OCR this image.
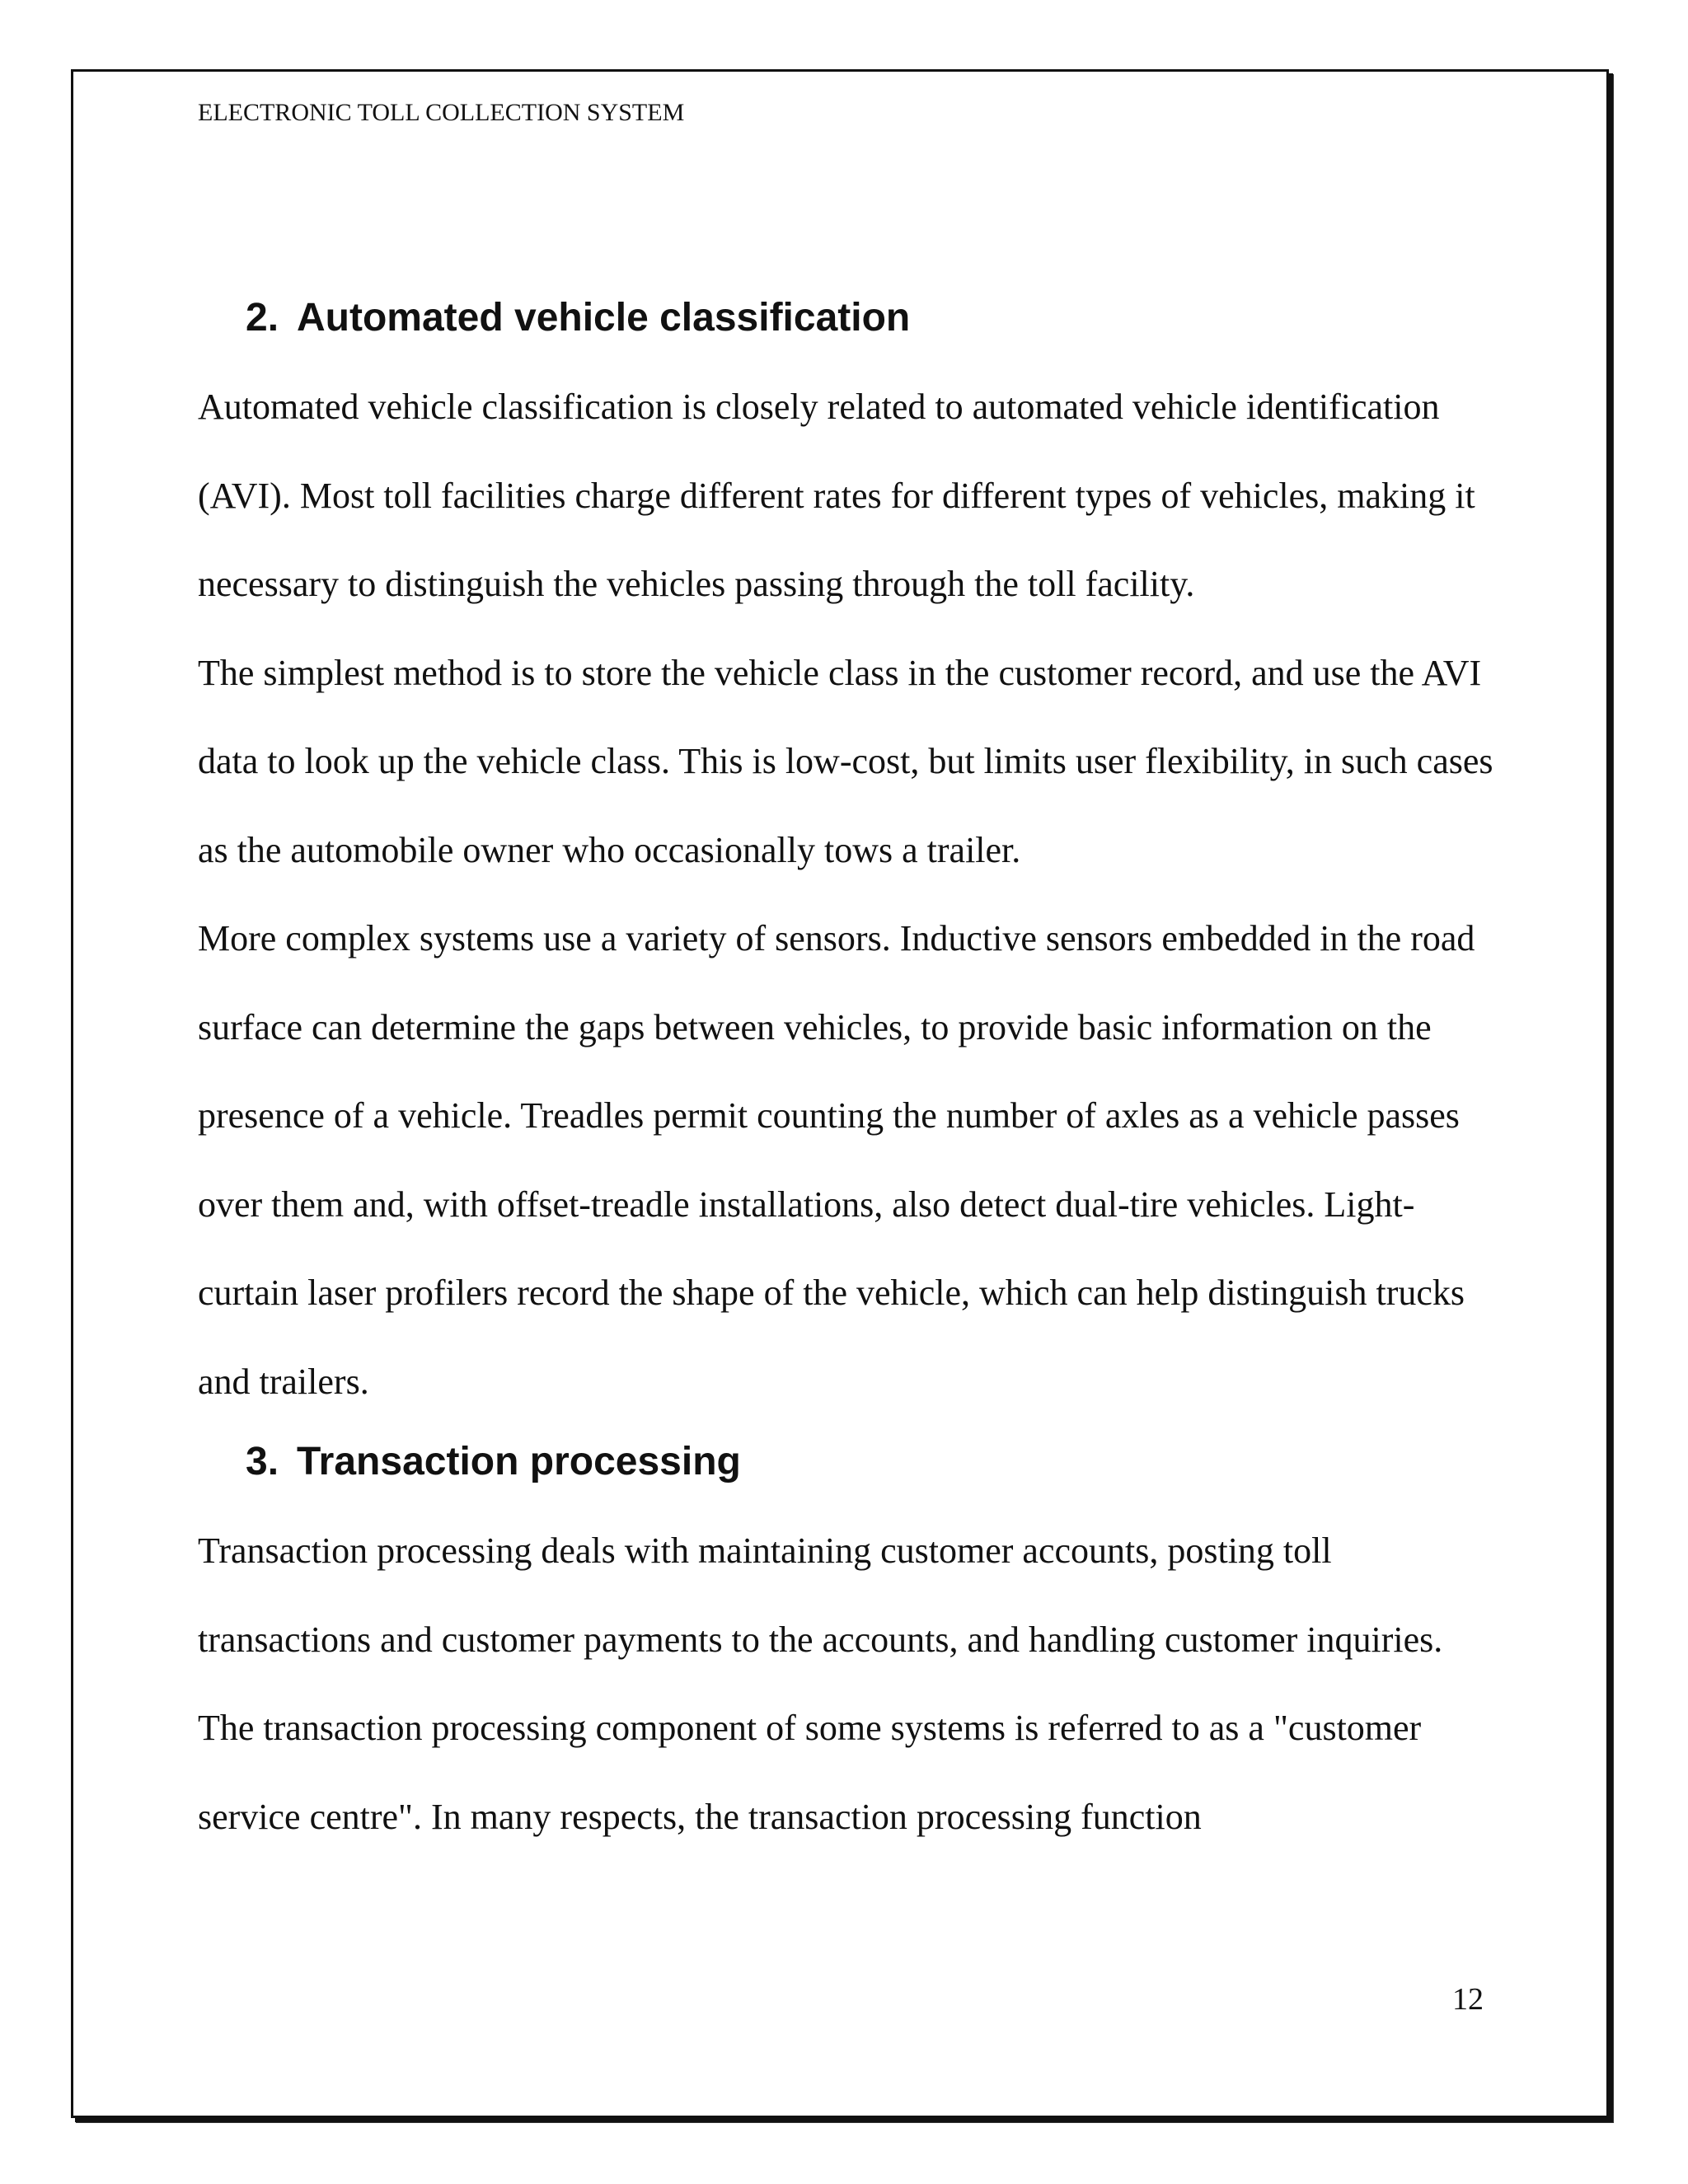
ELECTRONIC TOLL COLLECTION SYSTEM
2. Automated vehicle classification

Automated vehicle classification is closely related to automated vehicle identification (AVI). Most toll facilities charge different rates for different types of vehicles, making it necessary to distinguish the vehicles passing through the toll facility.

The simplest method is to store the vehicle class in the customer record, and use the AVI data to look up the vehicle class. This is low-cost, but limits user flexibility, in such cases as the automobile owner who occasionally tows a trailer.

More complex systems use a variety of sensors. Inductive sensors embedded in the road surface can determine the gaps between vehicles, to provide basic information on the presence of a vehicle. Treadles permit counting the number of axles as a vehicle passes over them and, with offset-treadle installations, also detect dual-tire vehicles. Light-curtain laser profilers record the shape of the vehicle, which can help distinguish trucks and trailers.

3. Transaction processing

Transaction processing deals with maintaining customer accounts, posting toll transactions and customer payments to the accounts, and handling customer inquiries. The transaction processing component of some systems is referred to as a "customer service centre". In many respects, the transaction processing function

12
